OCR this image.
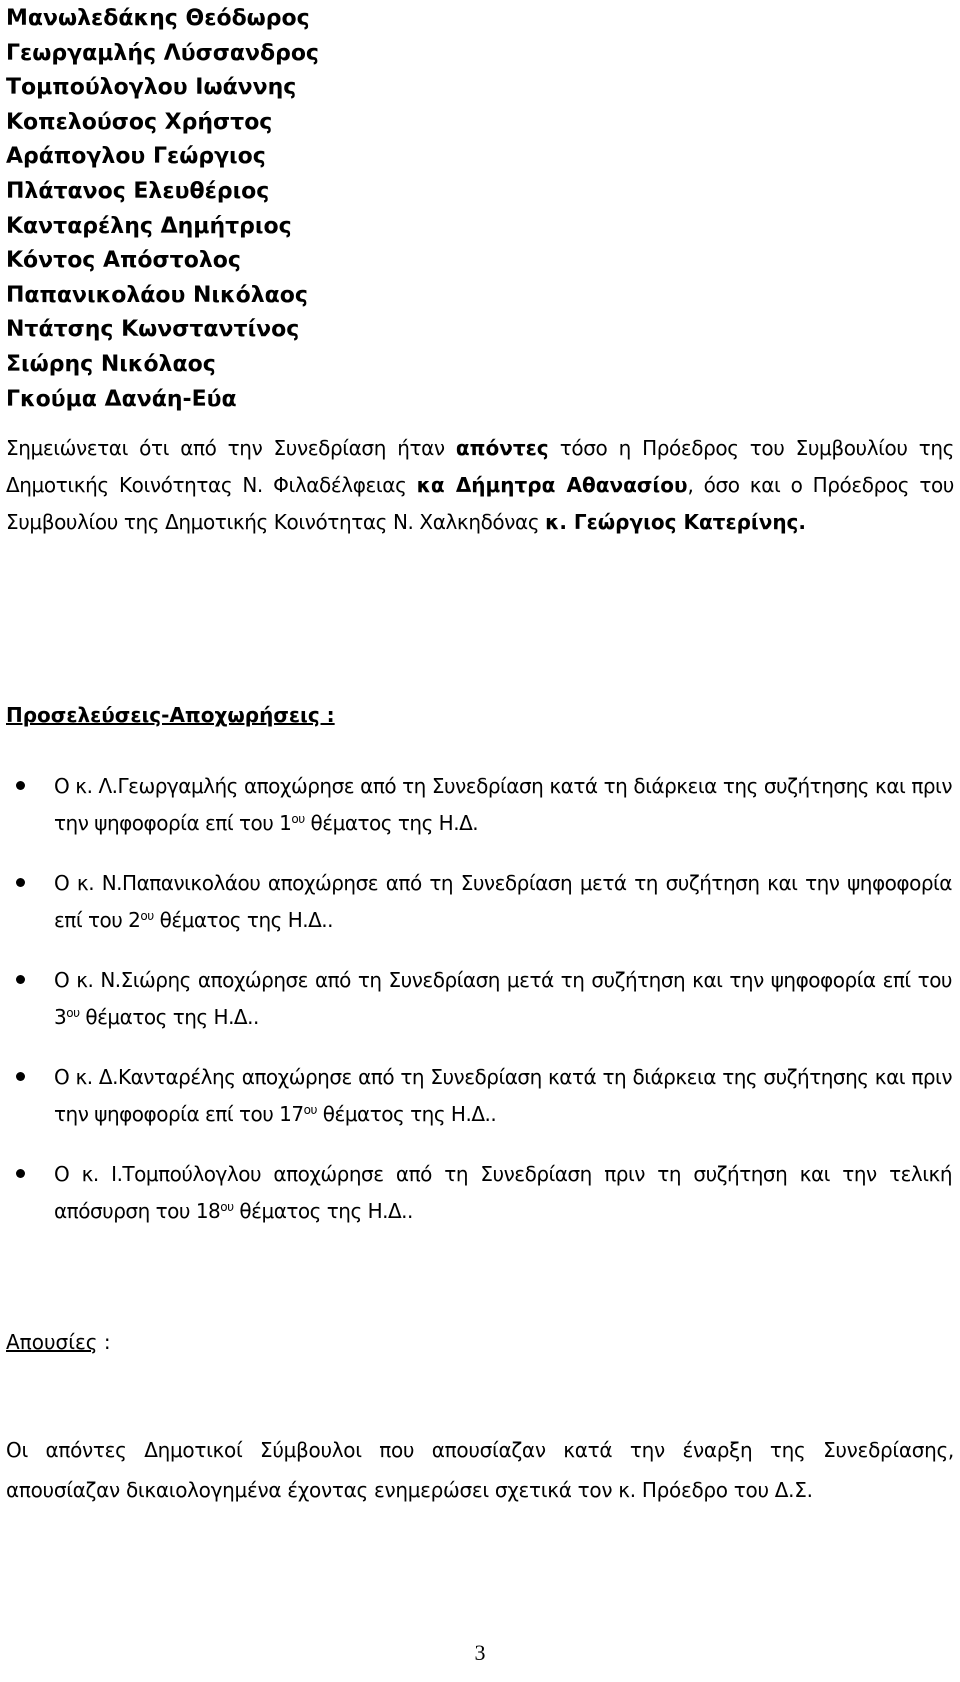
Μανωλεδάκης Θεόδωρος
Γεωργαμλής Λύσσανδρος
Τομπούλογλου Ιωάννης
Κοπελούσος Χρήστος
Αράπογλου Γεώργιος
Πλάτανος Ελευθέριος
Κανταρέλης Δημήτριος
Κόντος Απόστολος
Παπανικολάου Νικόλαος
Ντάτσης Κωνσταντίνος
Σιώρης Νικόλαος
Γκούμα Δανάη-Εύα

Σημειώνεται ότι από την Συνεδρίαση ήταν απόντες τόσο η Πρόεδρος του Συμβουλίου της Δημοτικής Κοινότητας Ν. Φιλαδέλφειας κα Δήμητρα Αθανασίου, όσο και ο Πρόεδρος του Συμβουλίου της Δημοτικής Κοινότητας Ν. Χαλκηδόνας κ. Γεώργιος Κατερίνης.

Προσελεύσεις-Αποχωρήσεις :
Ο κ. Λ.Γεωργαμλής αποχώρησε από τη Συνεδρίαση κατά τη διάρκεια της συζήτησης και πριν την ψηφοφορία επί του $1^{o\upsilon}$ θέματος της Η.Δ.
Ο κ. Ν.Παπανικολάου αποχώρησε από τη Συνεδρίαση μετά τη συζήτηση και την ψηφοφορία επί του $2^{o\upsilon}$ θέματος της Η.Δ..
Ο κ. Ν.Σιώρης αποχώρησε από τη Συνεδρίαση μετά τη συζήτηση και την ψηφοφορία επί του $3^{o\upsilon}$ θέματος της Η.Δ..
Ο κ. Δ.Κανταρέλης αποχώρησε από τη Συνεδρίαση κατά τη διάρκεια της συζήτησης και πριν την ψηφοφορία επί του $17^{o\upsilon}$ θέματος της Η.Δ..
Ο κ. Ι.Τομπούλογλου αποχώρησε από τη Συνεδρίαση πριν τη συζήτηση και την τελική απόσυρση του $18^{o\upsilon}$ θέματος της Η.Δ..
Απουσίες :

Οι απόντες Δημοτικοί Σύμβουλοι που απουσίαζαν κατά την έναρξη της Συνεδρίασης, απουσίαζαν δικαιολογημένα έχοντας ενημερώσει σχετικά τον κ. Πρόεδρο του Δ.Σ.

3
